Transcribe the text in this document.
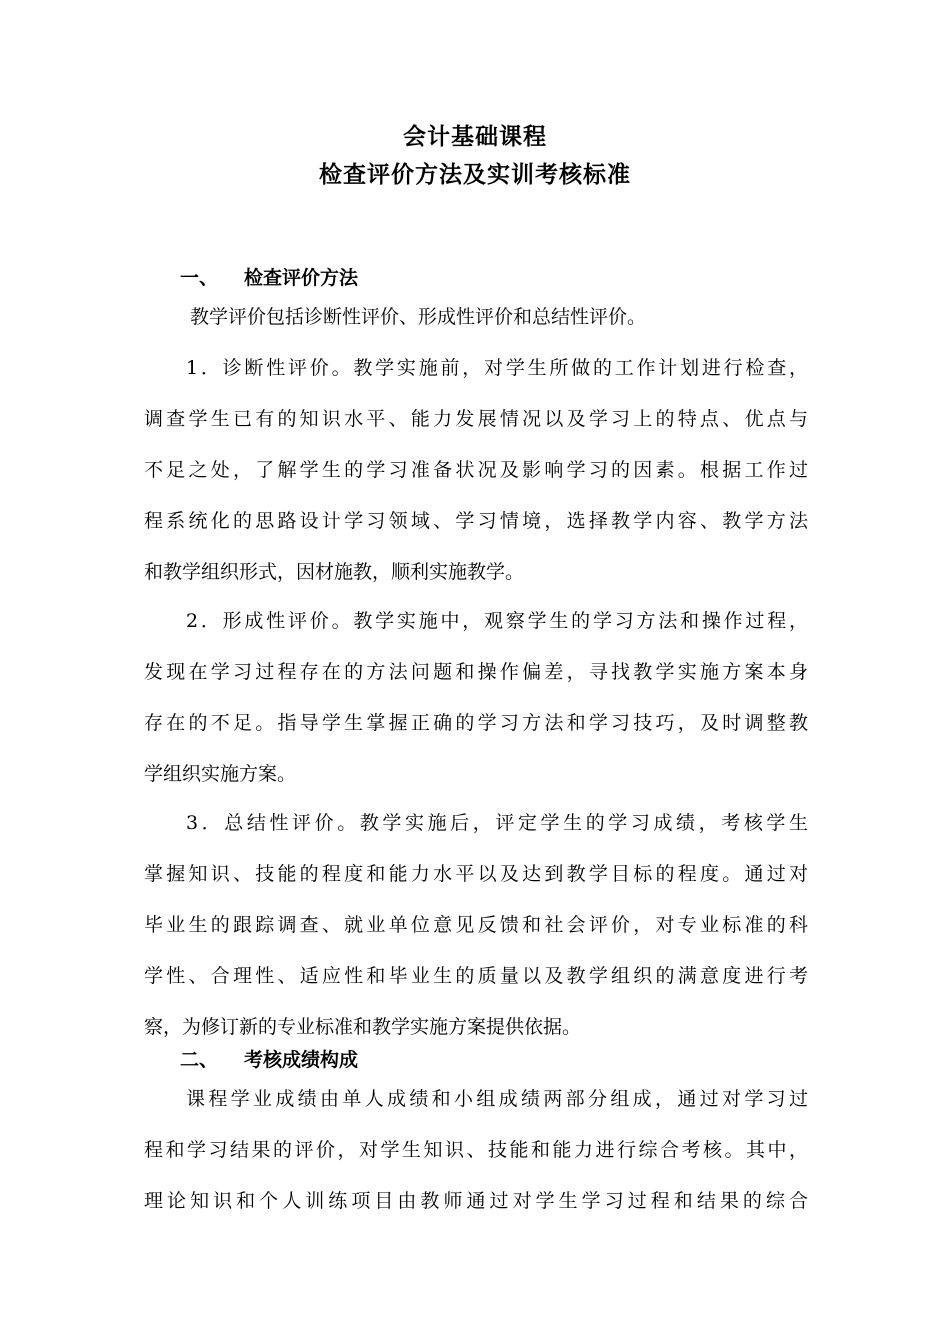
会计基础课程
检查评价方法及实训考核标准
一、 检查评价方法
教学评价包括诊断性评价、形成性评价和总结性评价。
1．诊断性评价。教学实施前，对学生所做的工作计划进行检查，
调查学生已有的知识水平、能力发展情况以及学习上的特点、优点与
不足之处，了解学生的学习准备状况及影响学习的因素。根据工作过
程系统化的思路设计学习领域、学习情境，选择教学内容、教学方法
和教学组织形式，因材施教，顺利实施教学。
2．形成性评价。教学实施中，观察学生的学习方法和操作过程，
发现在学习过程存在的方法问题和操作偏差，寻找教学实施方案本身
存在的不足。指导学生掌握正确的学习方法和学习技巧，及时调整教
学组织实施方案。
3．总结性评价。教学实施后，评定学生的学习成绩，考核学生
掌握知识、技能的程度和能力水平以及达到教学目标的程度。通过对
毕业生的跟踪调查、就业单位意见反馈和社会评价，对专业标准的科
学性、合理性、适应性和毕业生的质量以及教学组织的满意度进行考
察，为修订新的专业标准和教学实施方案提供依据。
二、 考核成绩构成
课程学业成绩由单人成绩和小组成绩两部分组成，通过对学习过
程和学习结果的评价，对学生知识、技能和能力进行综合考核。其中，
理论知识和个人训练项目由教师通过对学生学习过程和结果的综合
